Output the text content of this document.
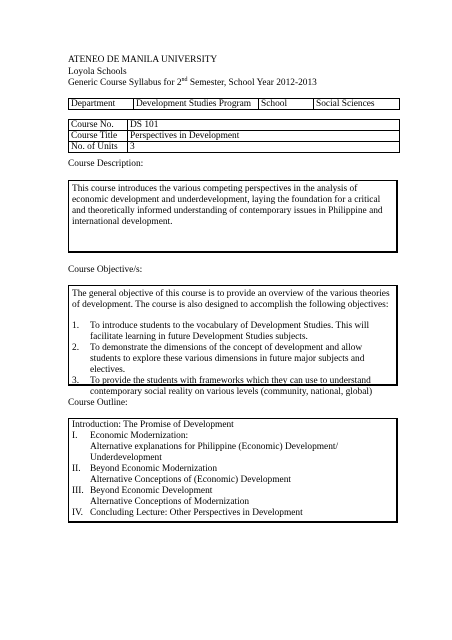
ATENEO DE MANILA UNIVERSITY
Loyola Schools
Generic Course Syllabus for 2nd Semester, School Year 2012-2013
Department	Development Studies Program	School	Social Sciences
Course No.	DS 101
Course Title	Perspectives in Development
No. of Units	3
Course Description:

This course introduces the various competing perspectives in the analysis of economic development and underdevelopment, laying the foundation for a critical and theoretically informed understanding of contemporary issues in Philippine and international development.

Course Objective/s:

The general objective of this course is to provide an overview of the various theories of development. The course is also designed to accomplish the following objectives:

1.	To introduce students to the vocabulary of Development Studies. This will facilitate learning in future Development Studies subjects.
2.	To demonstrate the dimensions of the concept of development and allow students to explore these various dimensions in future major subjects and electives.
3.	To provide the students with frameworks which they can use to understand contemporary social reality on various levels (community, national, global)
Course Outline:
Introduction: The Promise of Development
I.	Economic Modernization:
Alternative explanations for Philippine (Economic) Development/
Underdevelopment
II.	Beyond Economic Modernization
Alternative Conceptions of (Economic) Development
III. Beyond Economic Development
Alternative Conceptions of Modernization
IV. Concluding Lecture: Other Perspectives in Development
